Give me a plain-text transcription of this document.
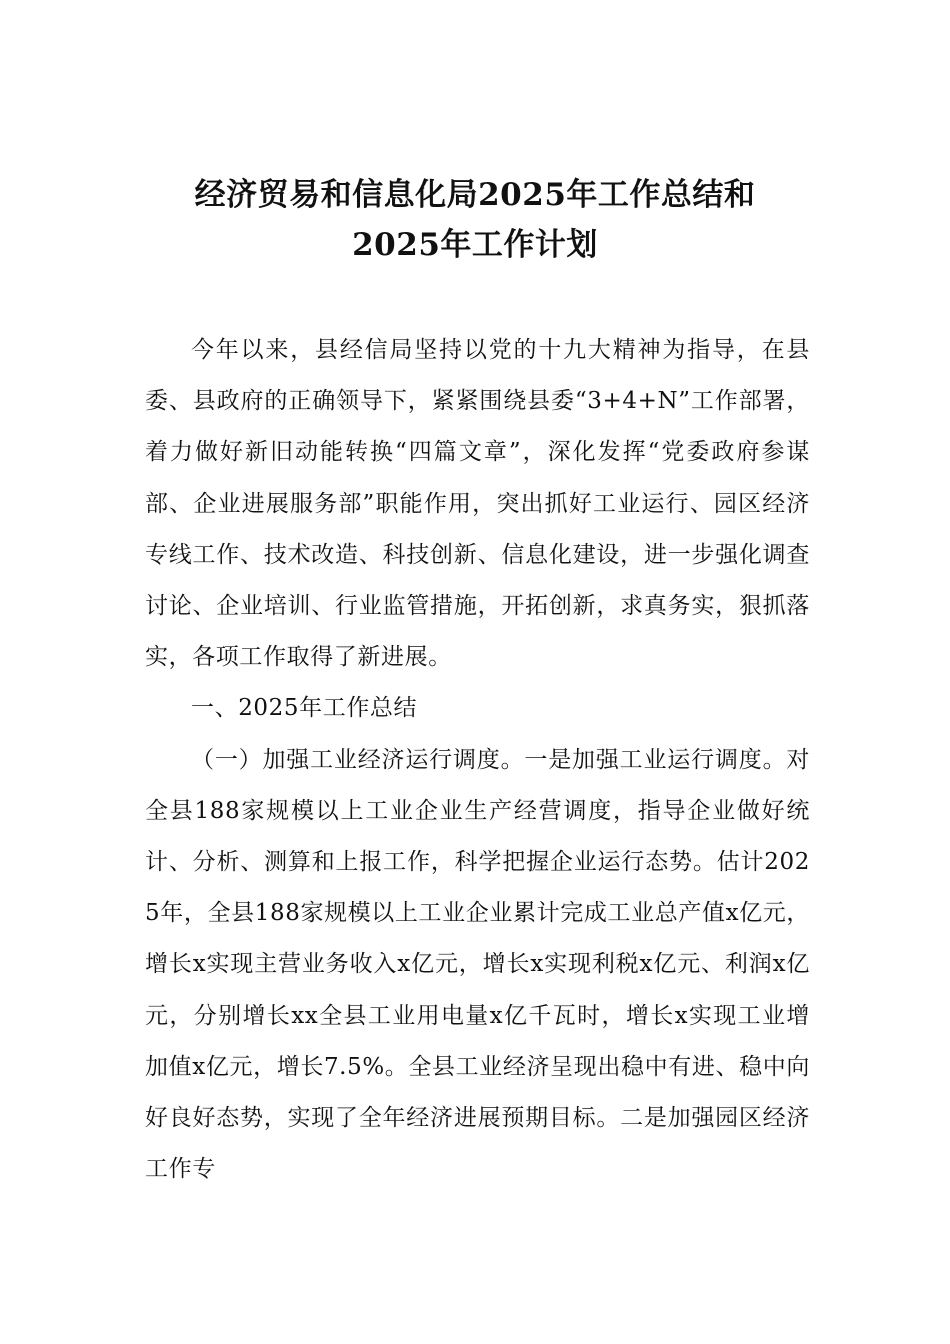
经济贸易和信息化局2025年工作总结和
2025年工作计划

今年以来，县经信局坚持以党的十九大精神为指导，在县委、县政府的正确领导下，紧紧围绕县委“3+4+N”工作部署，着力做好新旧动能转换“四篇文章”，深化发挥“党委政府参谋部、企业进展服务部”职能作用，突出抓好工业运行、园区经济专线工作、技术改造、科技创新、信息化建设，进一步强化调查讨论、企业培训、行业监管措施，开拓创新，求真务实，狠抓落实，各项工作取得了新进展。

一、2025年工作总结

（一）加强工业经济运行调度。一是加强工业运行调度。对全县188家规模以上工业企业生产经营调度，指导企业做好统计、分析、测算和上报工作，科学把握企业运行态势。估计2025年，全县188家规模以上工业企业累计完成工业总产值x亿元，增长x实现主营业务收入x亿元，增长x实现利税x亿元、利润x亿元，分别增长xx全县工业用电量x亿千瓦时，增长x实现工业增加值x亿元，增长7.5%。全县工业经济呈现出稳中有进、稳中向好良好态势，实现了全年经济进展预期目标。二是加强园区经济工作专
